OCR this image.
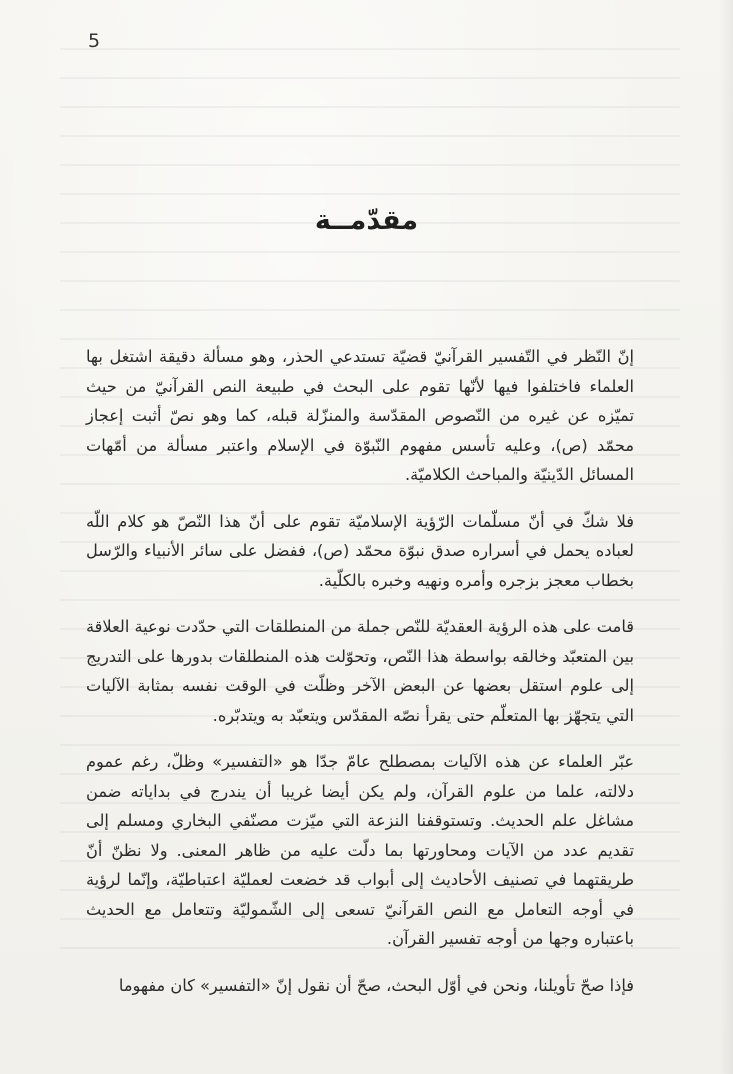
5
مقدّمــة

إنّ النّظر في التّفسير القرآنيّ قضيّة تستدعي الحذر، وهو مسألة دقيقة اشتغل بها العلماء فاختلفوا فيها لأنّها تقوم على البحث في طبيعة النص القرآنيّ من حيث تميّزه عن غيره من النّصوص المقدّسة والمنزّلة قبله، كما وهو نصّ أثبت إعجاز محمّد (ص)، وعليه تأسس مفهوم النّبوّة في الإسلام واعتبر مسألة من أمّهات المسائل الدّينيّة والمباحث الكلاميّة.

فلا شكّ في أنّ مسلّمات الرّؤية الإسلاميّة تقوم على أنّ هذا النّصّ هو كلام اللّه لعباده يحمل في أسراره صدق نبوّة محمّد (ص)، ففضل على سائر الأنبياء والرّسل بخطاب معجز بزجره وأمره ونهيه وخبره بالكلّية.

قامت على هذه الرؤية العقديّة للنّص جملة من المنطلقات التي حدّدت نوعية العلاقة بين المتعبّد وخالقه بواسطة هذا النّص، وتحوّلت هذه المنطلقات بدورها على التدريج إلى علوم استقل بعضها عن البعض الآخر وظلّت في الوقت نفسه بمثابة الآليات التي يتجهّز بها المتعلّم حتى يقرأ نصّه المقدّس ويتعبّد به ويتدبّره.

عبّر العلماء عن هذه الآليات بمصطلح عامّ جدّا هو «التفسير» وظلّ، رغم عموم دلالته، علما من علوم القرآن، ولم يكن أيضا غريبا أن يندرج في بداياته ضمن مشاغل علم الحديث. وتستوقفنا النزعة التي ميّزت مصنّفي البخاري ومسلم إلى تقديم عدد من الآيات ومحاورتها بما دلّت عليه من ظاهر المعنى. ولا نظنّ أنّ طريقتهما في تصنيف الأحاديث إلى أبواب قد خضعت لعمليّة اعتباطيّة، وإنّما لرؤية في أوجه التعامل مع النص القرآنيّ تسعى إلى الشّموليّة وتتعامل مع الحديث باعتباره وجها من أوجه تفسير القرآن.

فإذا صحّ تأويلنا، ونحن في أوّل البحث، صحّ أن نقول إنّ «التفسير» كان مفهوما
